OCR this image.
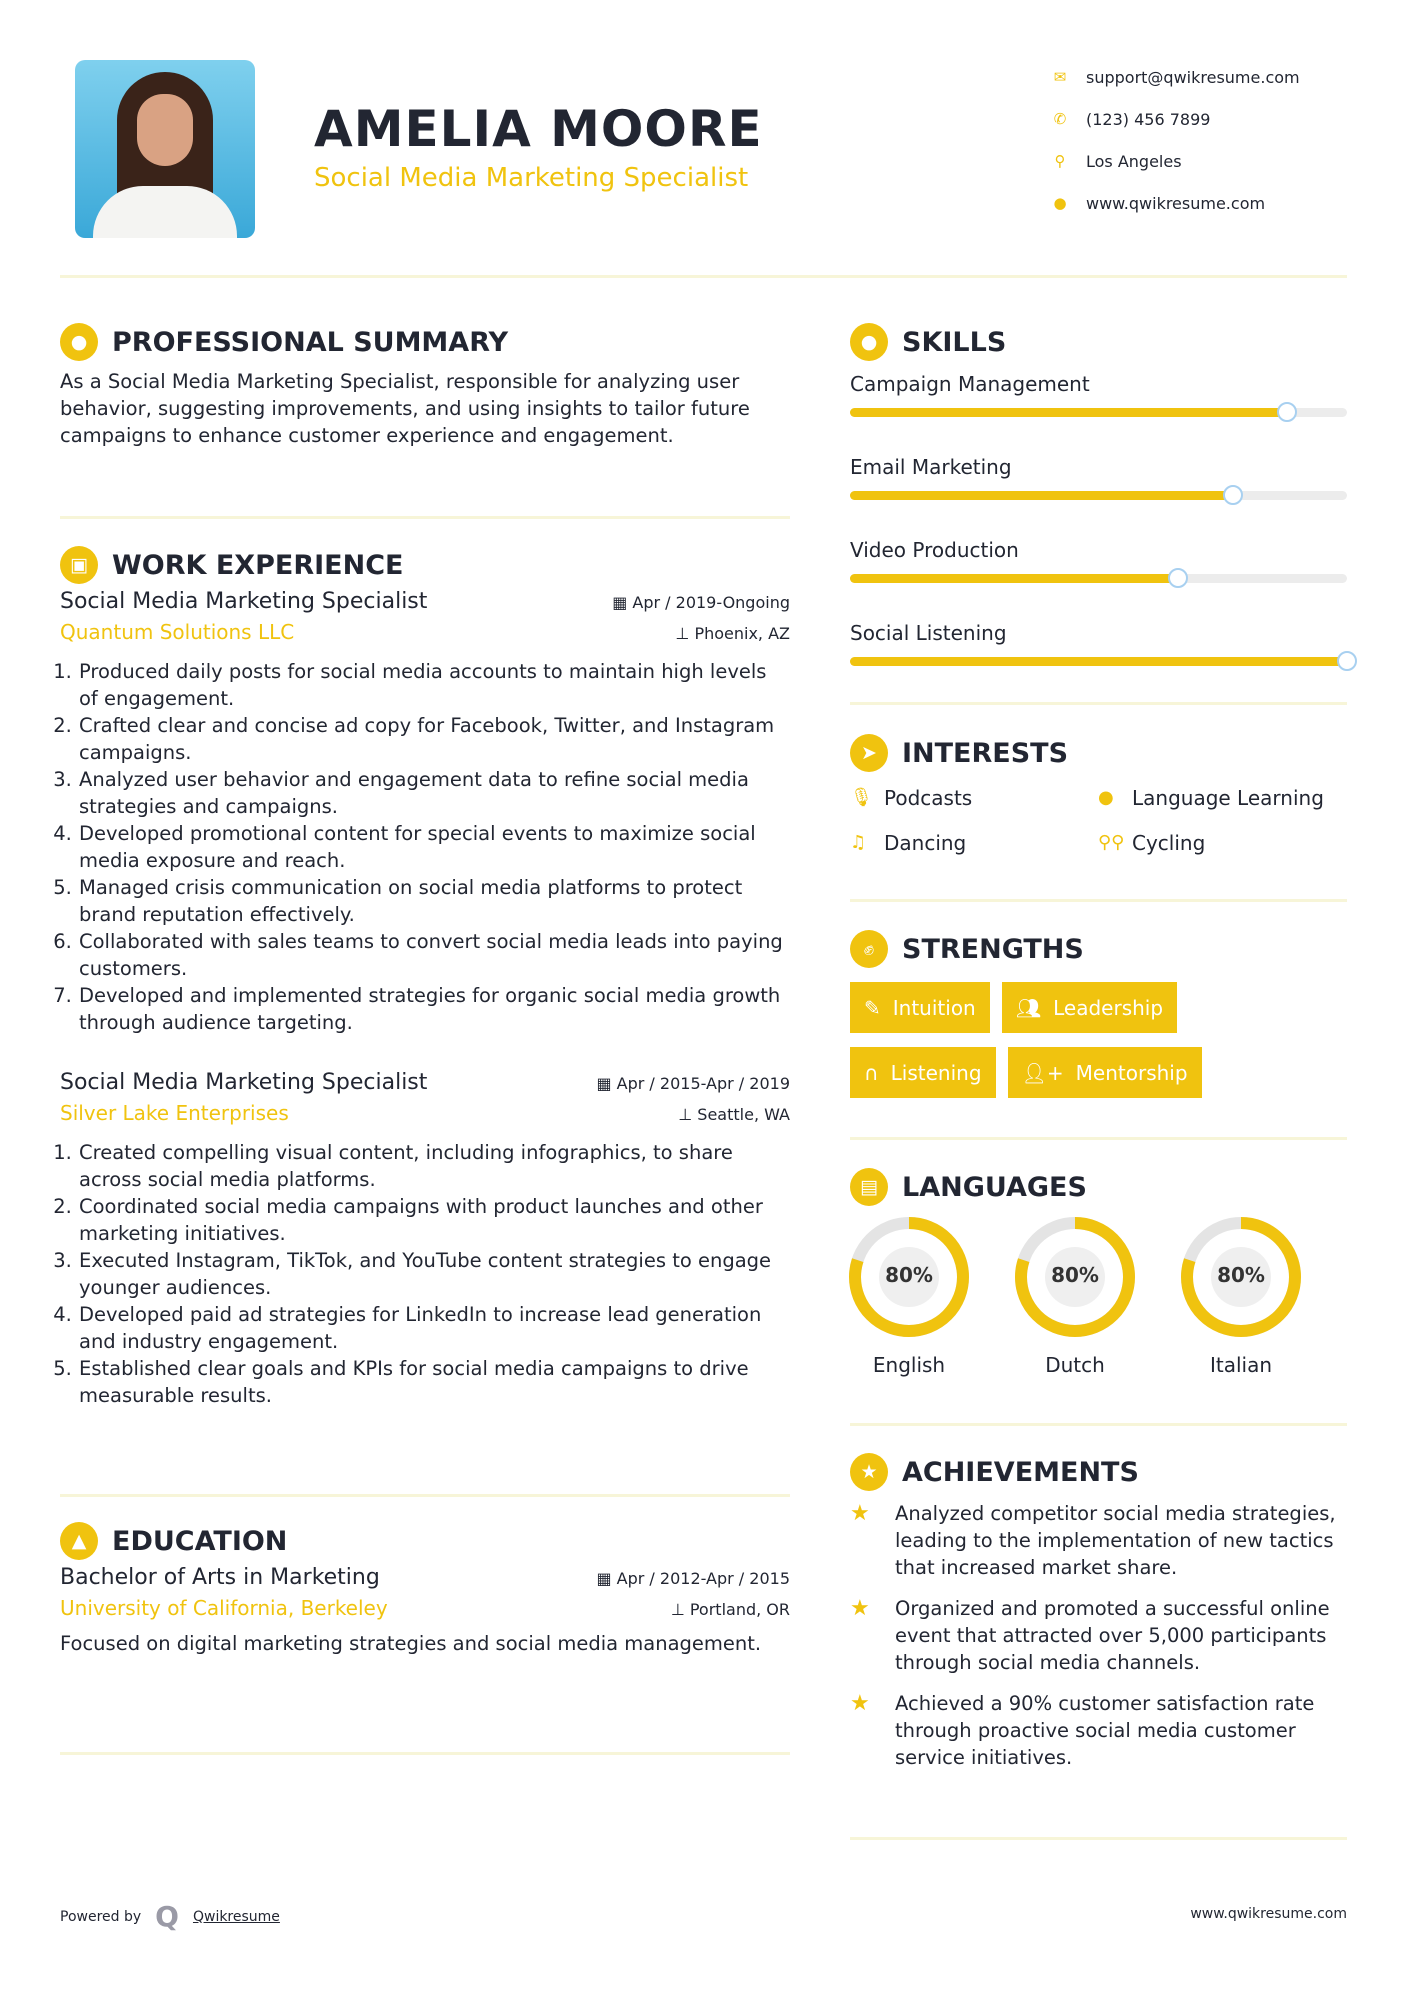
AMELIA MOORE
Social Media Marketing Specialist
✉ support@qwikresume.com
✆ (123) 456 7899
⚲ Los Angeles
● www.qwikresume.com
● PROFESSIONAL SUMMARY

As a Social Media Marketing Specialist, responsible for analyzing user behavior, suggesting improvements, and using insights to tailor future campaigns to enhance customer experience and engagement.

▣ WORK EXPERIENCE
Social Media Marketing Specialist	▦ Apr / 2019-Ongoing
Quantum Solutions LLC	⊥ Phoenix, AZ
1. Produced daily posts for social media accounts to maintain high levels of engagement.
2. Crafted clear and concise ad copy for Facebook, Twitter, and Instagram campaigns.
3. Analyzed user behavior and engagement data to refine social media strategies and campaigns.
4. Developed promotional content for special events to maximize social media exposure and reach.
5. Managed crisis communication on social media platforms to protect brand reputation effectively.
6. Collaborated with sales teams to convert social media leads into paying customers.
7. Developed and implemented strategies for organic social media growth through audience targeting.
Social Media Marketing Specialist	▦ Apr / 2015-Apr / 2019
Silver Lake Enterprises	⊥ Seattle, WA
1. Created compelling visual content, including infographics, to share across social media platforms.
2. Coordinated social media campaigns with product launches and other marketing initiatives.
3. Executed Instagram, TikTok, and YouTube content strategies to engage younger audiences.
4. Developed paid ad strategies for LinkedIn to increase lead generation and industry engagement.
5. Established clear goals and KPIs for social media campaigns to drive measurable results.
▲ EDUCATION
Bachelor of Arts in Marketing	▦ Apr / 2012-Apr / 2015
University of California, Berkeley	⊥ Portland, OR

Focused on digital marketing strategies and social media management.

● SKILLS
Campaign Management
Email Marketing
Video Production
Social Listening
➤ INTERESTS
🎙︎ Podcasts	● Language Learning
♫ Dancing	⚲⚲ Cycling
✊︎	STRENGTHS
✎ Intuition 👥︎ Leadership

∩ Listening 👤︎+ Mentorship
▤ LANGUAGES
80%
English
80%
Dutch
80%
Italian
★ ACHIEVEMENTS
★	Analyzed competitor social media strategies, leading to the implementation of new tactics that increased market share.
★	Organized and promoted a successful online event that attracted over 5,000 participants through social media channels.
★	Achieved a 90% customer satisfaction rate through proactive social media customer service initiatives.
Powered by Q Qwikresume	www.qwikresume.com
